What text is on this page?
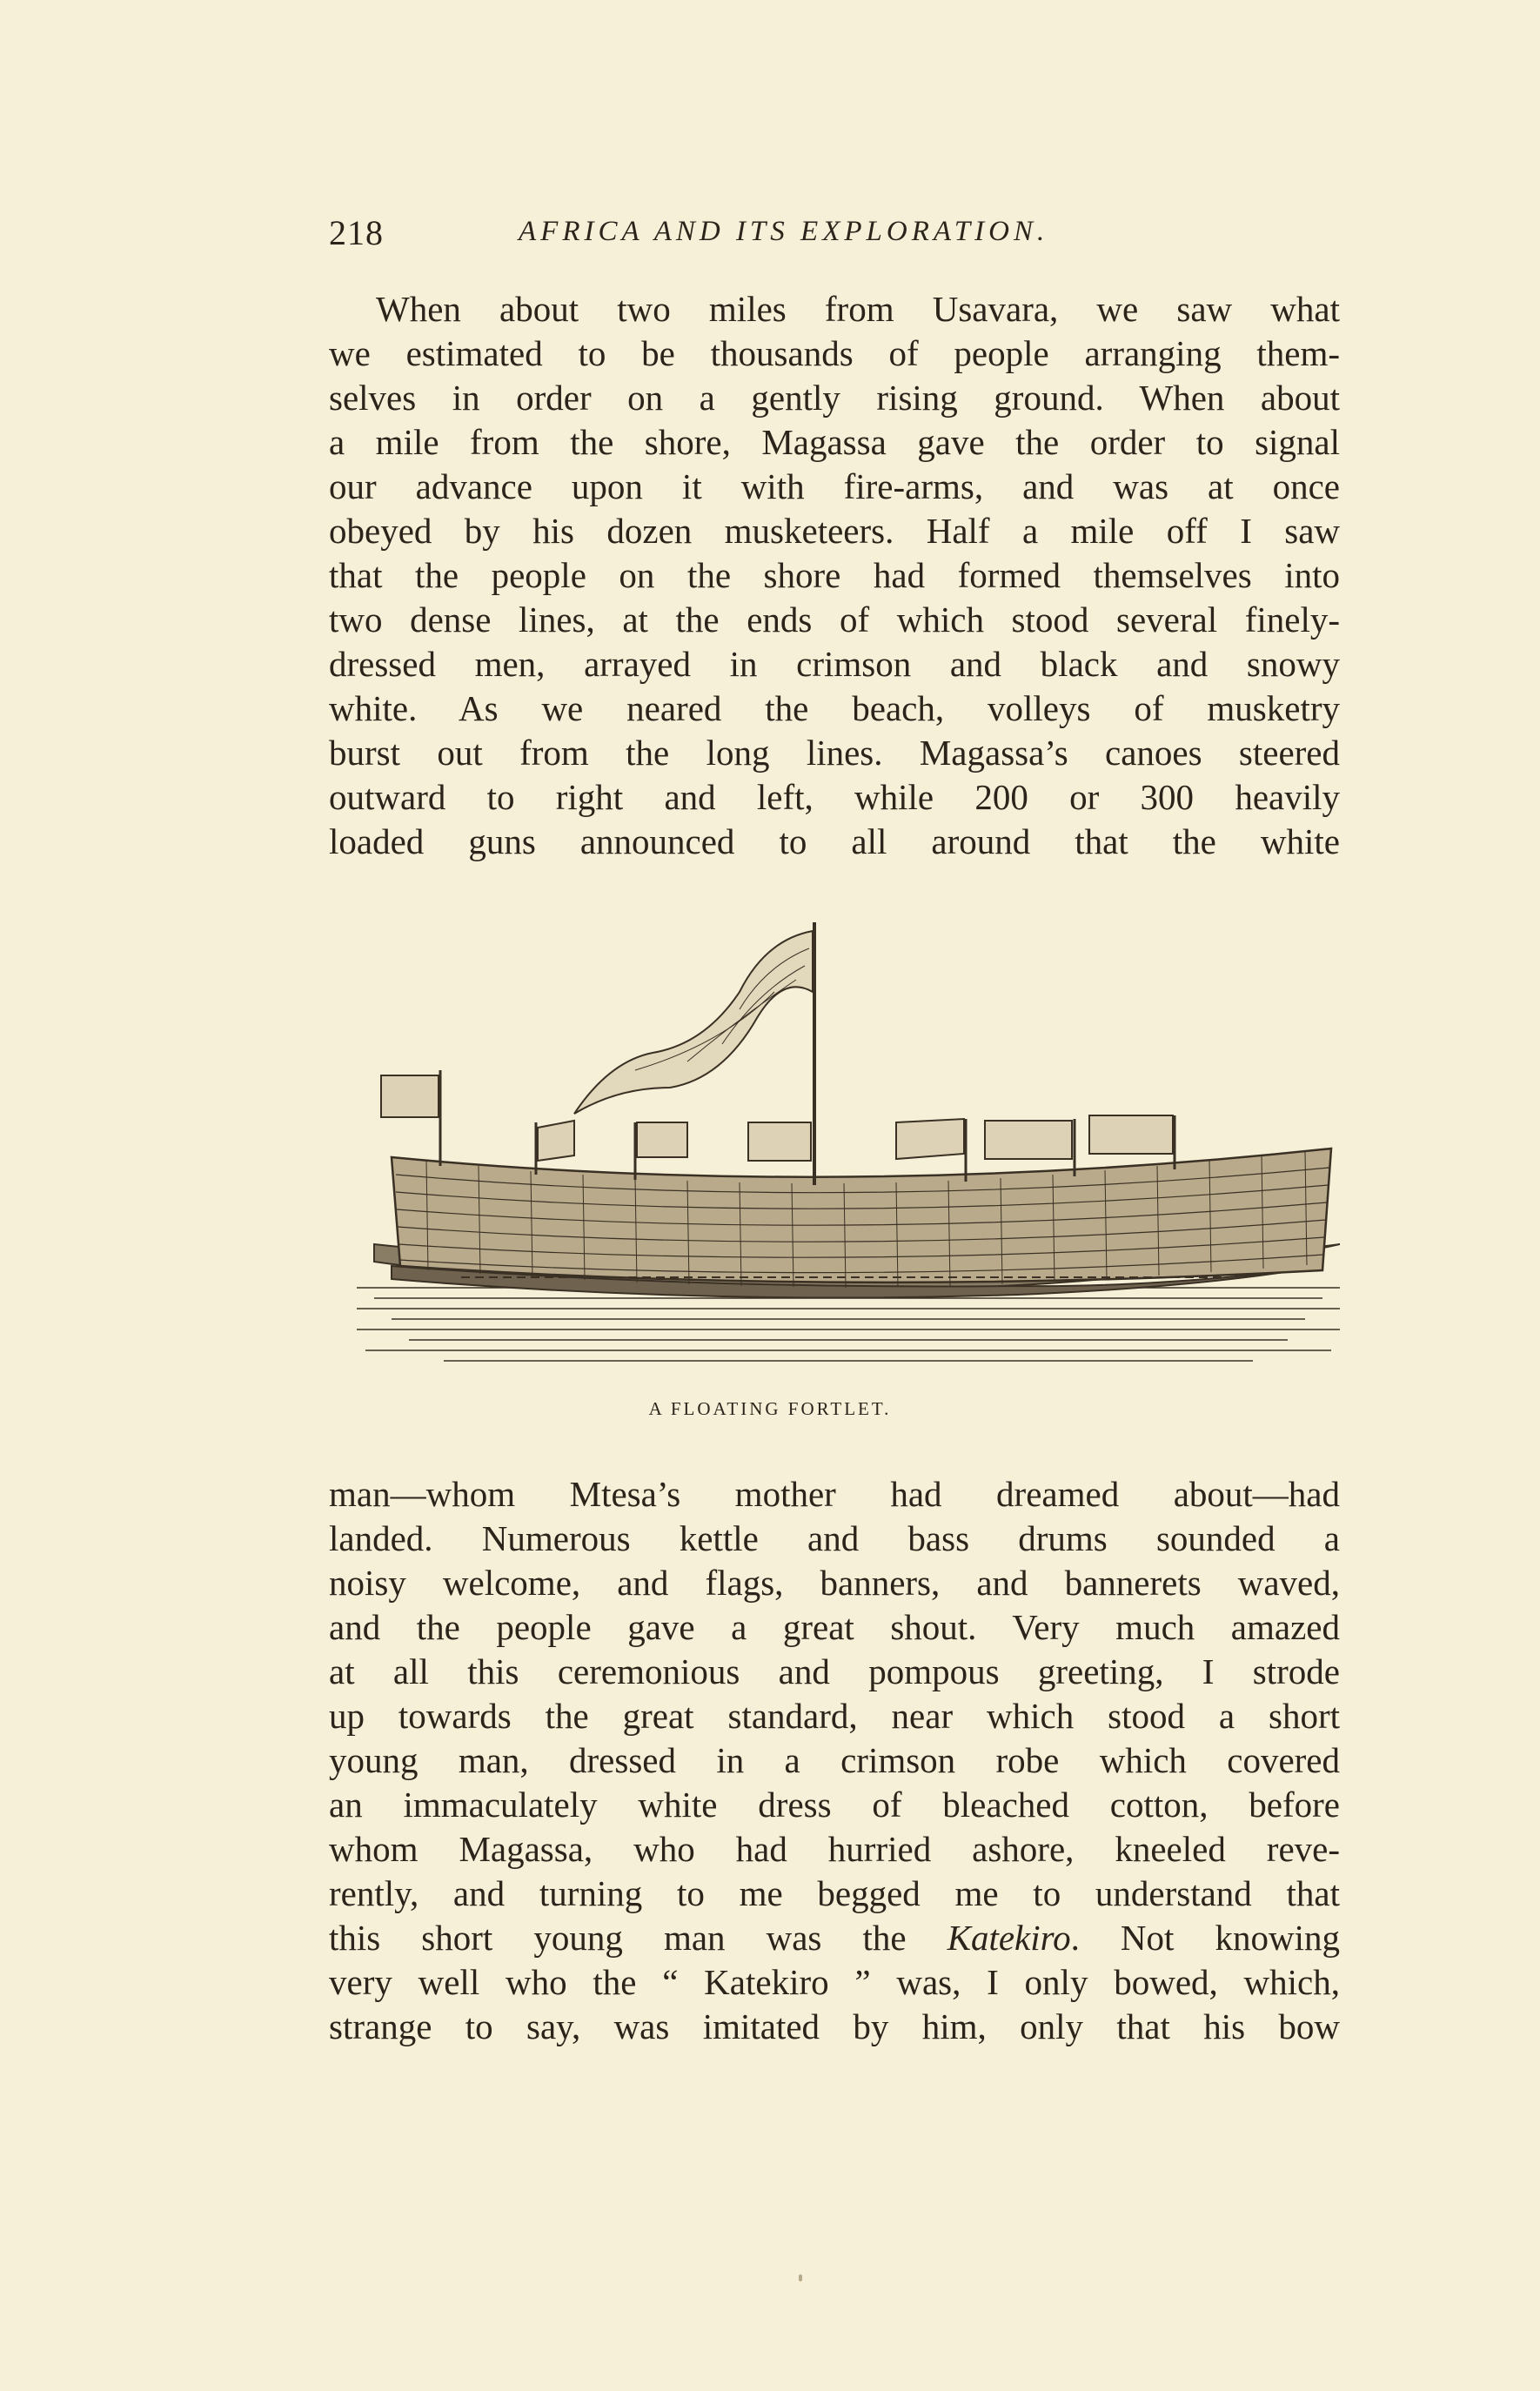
218	AFRICA AND ITS EXPLORATION.
When about two miles from Usavara, we saw what
we estimated to be thousands of people arranging them-
selves in order on a gently rising ground. When about
a mile from the shore, Magassa gave the order to signal
our advance upon it with fire-arms, and was at once
obeyed by his dozen musketeers. Half a mile off I saw
that the people on the shore had formed themselves into
two dense lines, at the ends of which stood several finely-
dressed men, arrayed in crimson and black and snowy
white. As we neared the beach, volleys of musketry
burst out from the long lines. Magassa’s canoes steered
outward to right and left, while 200 or 300 heavily
loaded guns announced to all around that the white
A FLOATING FORTLET.
man—whom Mtesa’s mother had dreamed about—had
landed. Numerous kettle and bass drums sounded a
noisy welcome, and flags, banners, and bannerets waved,
and the people gave a great shout. Very much amazed
at all this ceremonious and pompous greeting, I strode
up towards the great standard, near which stood a short
young man, dressed in a crimson robe which covered
an immaculately white dress of bleached cotton, before
whom Magassa, who had hurried ashore, kneeled reve-
rently, and turning to me begged me to understand that
this short young man was the Katekiro. Not knowing
very well who the “ Katekiro ” was, I only bowed, which,
strange to say, was imitated by him, only that his bow
